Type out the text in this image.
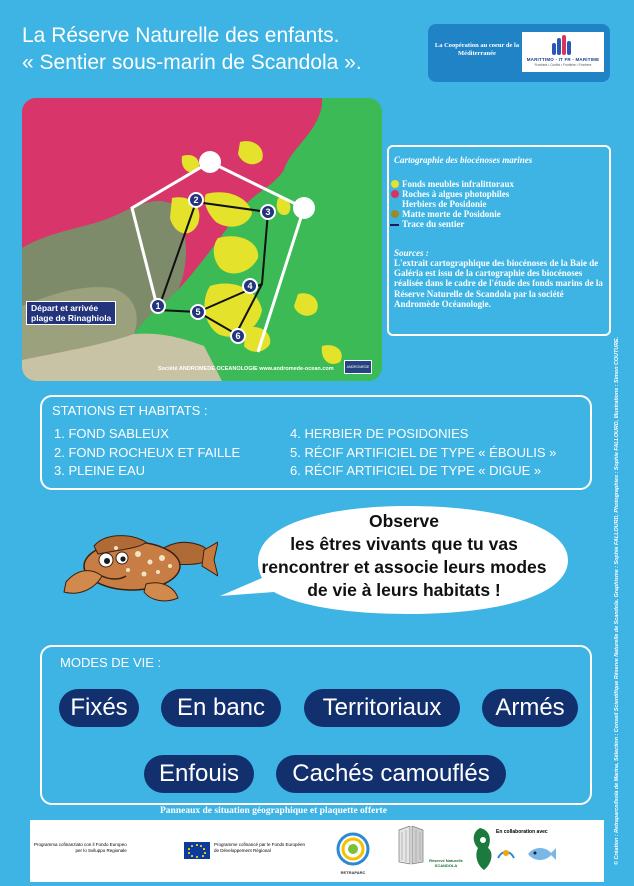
La Réserve Naturelle des enfants.
« Sentier sous-marin de Scandola ».
La Coopération au coeur de la Méditerranée
MARITTIMO - IT FR - MARITIME
Frontiera • Confini • Frontière • Frontiere
1
2
3
4
5
6
Départ et arrivée
plage de Rinaghiola
Société ANDROMEDE OCEANOLOGIE www.andromede-ocean.com	ANDROMEDE
Cartographie des biocénoses marines
Fonds meubles infralittoraux
Roches à algues photophiles
Herbiers de Posidonie
Matte morte de Posidonie
Trace du sentier
Sources :
L'extrait cartographique des biocénoses de la Baie de Galéria est issu de la cartographie des biocénoses réalisée dans le cadre de l'étude des fonds marins de la Réserve Naturelle de Scandola par la société Andromède Océanologie.
STATIONS ET HABITATS :
1. FOND SABLEUX
2. FOND ROCHEUX ET FAILLE
3. PLEINE EAU
4. HERBIER DE POSIDONIES
5. RÉCIF ARTIFICIEL DE TYPE « ÉBOULIS »
6. RÉCIF ARTIFICIEL DE TYPE « DIGUE »
Observe
les êtres vivants que tu vas
rencontrer et associe leurs modes
de vie à leurs habitats !
MODES DE VIE :
Fixés	En banc	Territoriaux	Armés
Enfouis	Cachés camouflés
Panneaux de situation géographique et plaquette offerte
Programma cofinanziato con il Fondo Europeo
per lo Sviluppo Regionale
Programme cofinancé par le Fonds Européen
de Développement Régional
RETRAPARC
Réserve Naturelle
SCANDOLA
En collaboration avec	© Création : Retraparco/Isola de Marina, Sélection : Conseil Scientifique Réserve Naturelle de Scandola. Graphisme : Sophie FALLOURD, Photographies : Sophie FALLOURD, Illustrations : Simon COUTURE.
